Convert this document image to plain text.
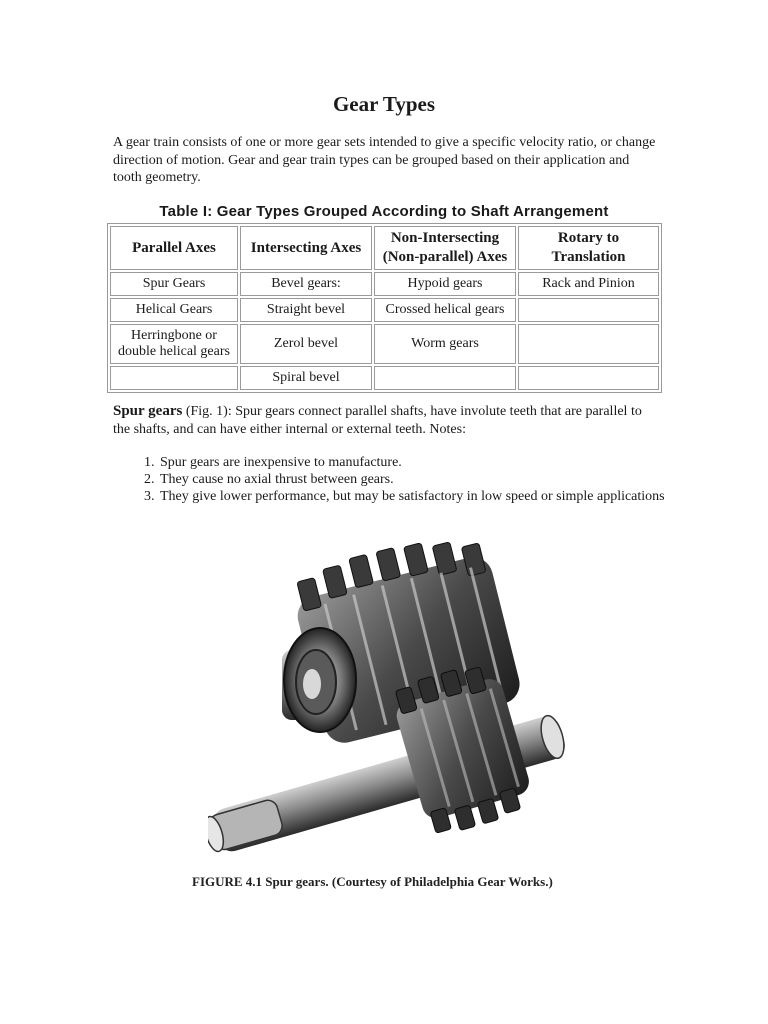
Gear Types

A gear train consists of one or more gear sets intended to give a specific velocity ratio, or change direction of motion. Gear and gear train types can be grouped based on their application and tooth geometry.

Table I: Gear Types Grouped According to Shaft Arrangement

Parallel Axes	Intersecting Axes	Non-Intersecting (Non-parallel) Axes	Rotary to Translation
Spur Gears	Bevel gears:	Hypoid gears	Rack and Pinion
Helical Gears	Straight bevel	Crossed helical gears	
Herringbone or double helical gears	Zerol bevel	Worm gears	
	Spiral bevel		

Spur gears (Fig. 1): Spur gears connect parallel shafts, have involute teeth that are parallel to the shafts, and can have either internal or external teeth. Notes:

1. Spur gears are inexpensive to manufacture.
2. They cause no axial thrust between gears.
3. They give lower performance, but may be satisfactory in low speed or simple applications

FIGURE 4.1 Spur gears. (Courtesy of Philadelphia Gear Works.)
